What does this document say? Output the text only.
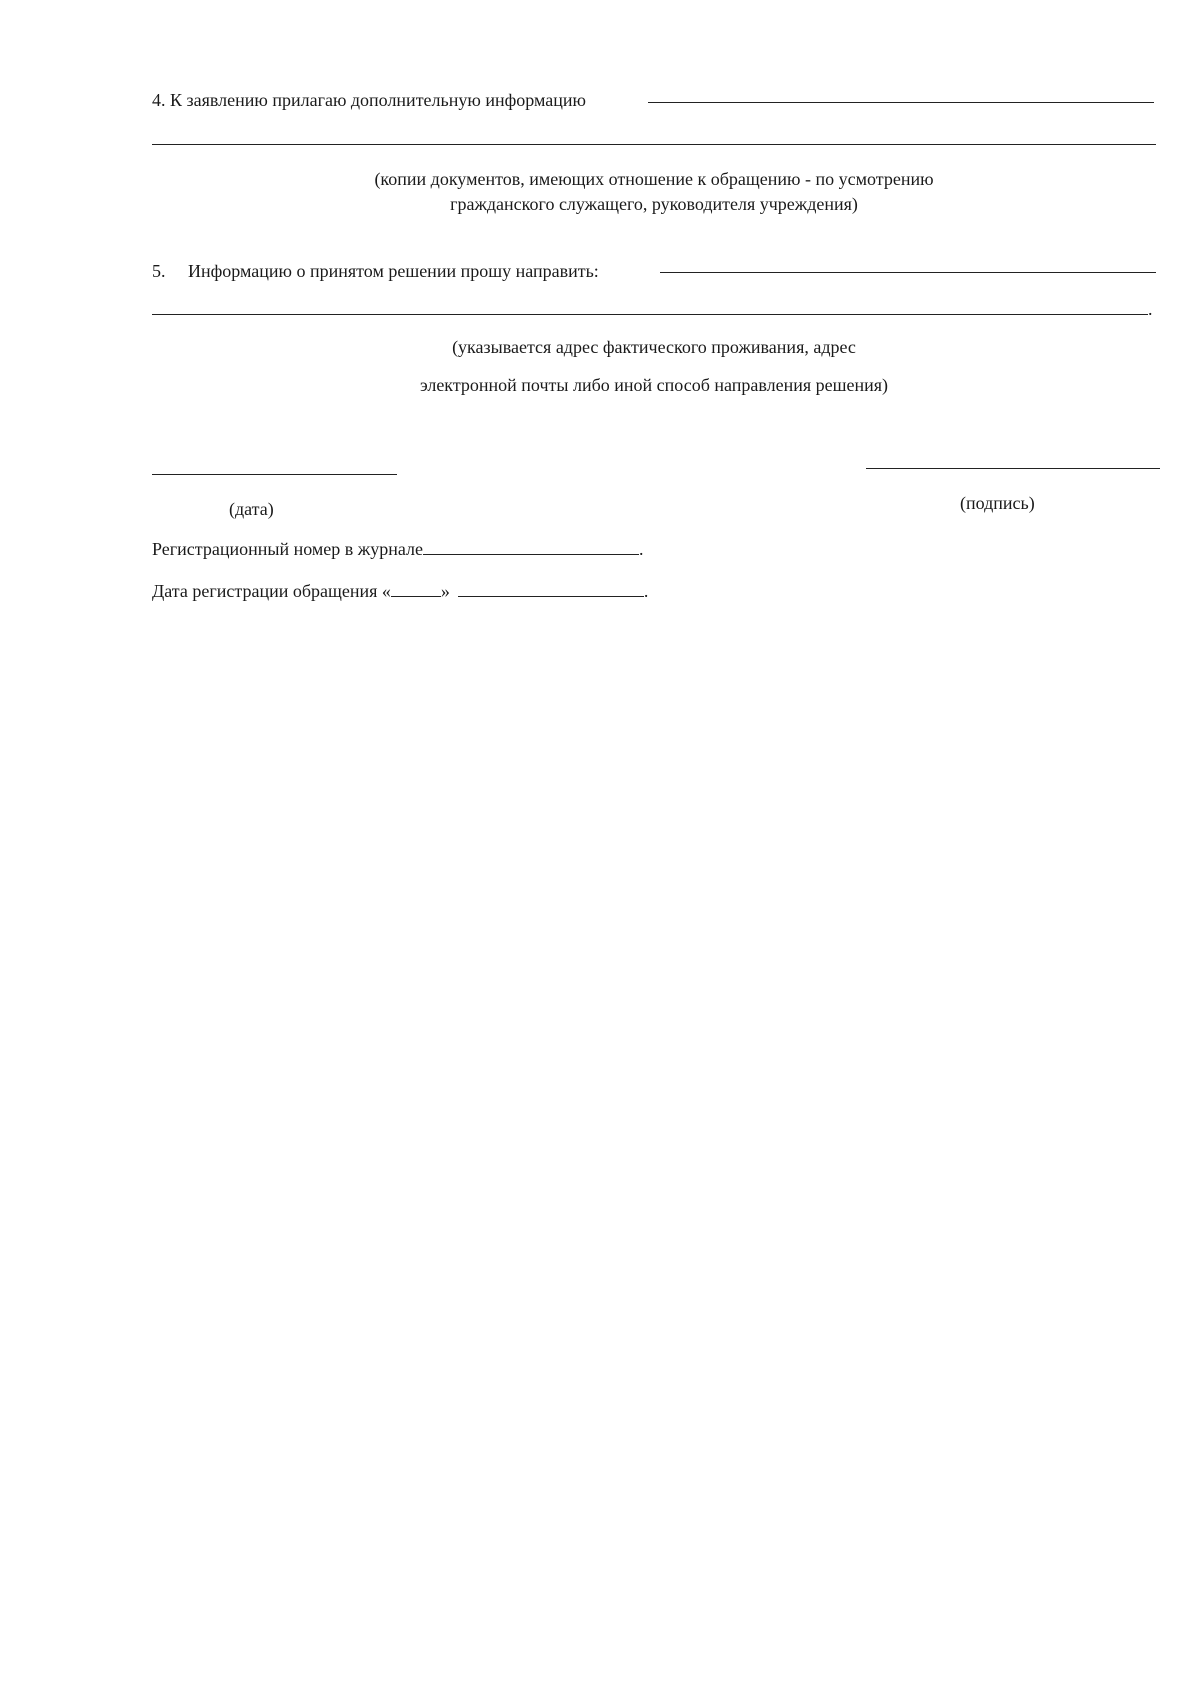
4. К заявлению прилагаю дополнительную информацию
(копии документов, имеющих отношение к обращению - по усмотрению
гражданского служащего, руководителя учреждения)
5. Информацию о принятом решении прошу направить:
.
(указывается адрес фактического проживания, адрес
электронной почты либо иной способ направления решения)
(дата)	(подпись)
Регистрационный номер в журнале	.
Дата регистрации обращения «	»	.
